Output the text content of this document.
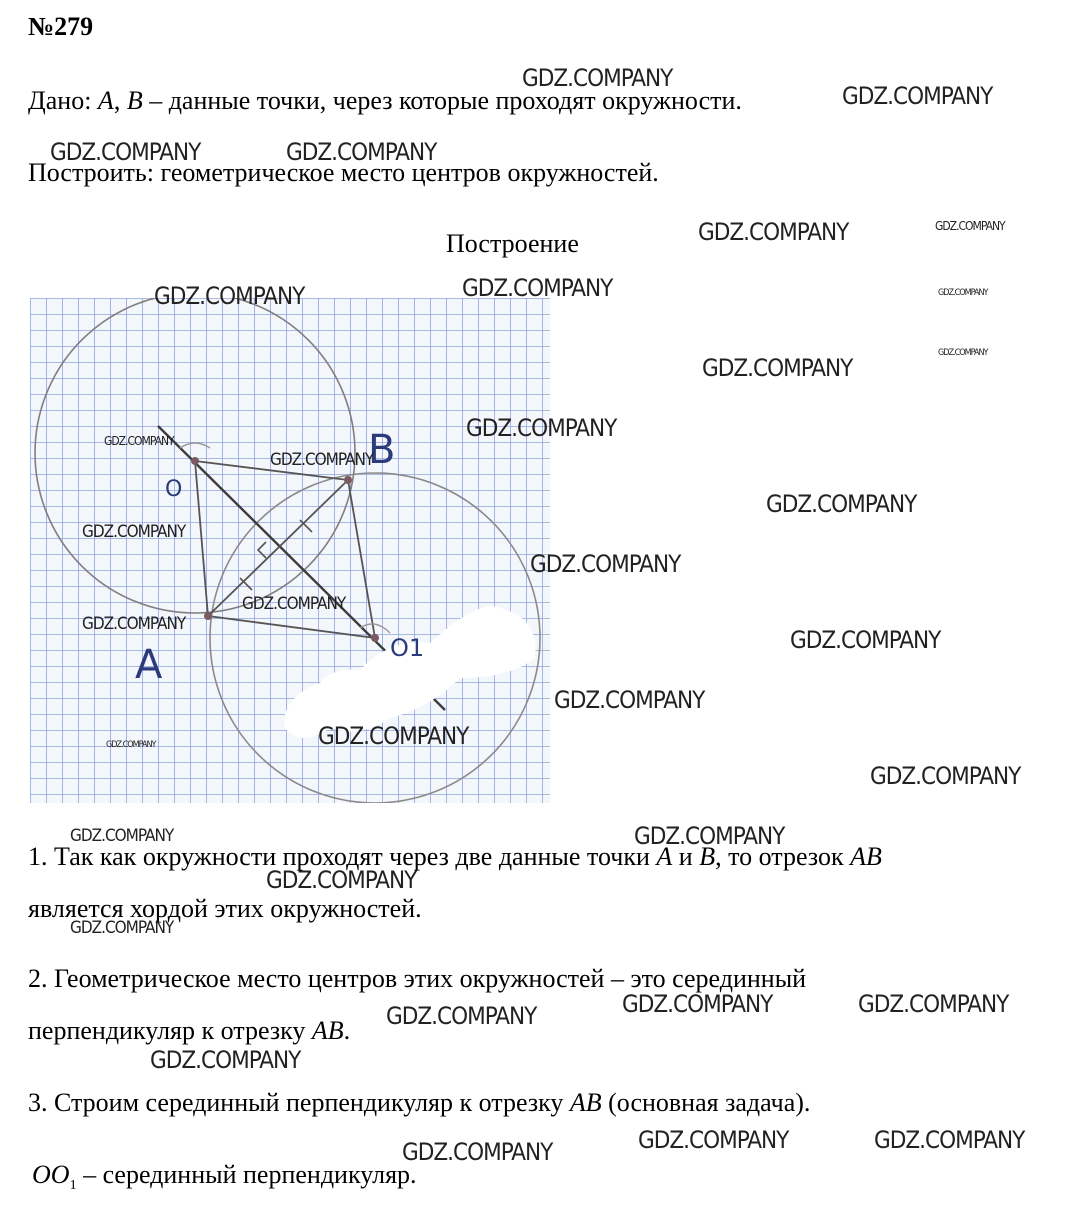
№279
Дано: A, B – данные точки, через которые проходят окружности.
Построить: геометрическое место центров окружностей.
Построение
B
O
A	O1
1. Так как окружности проходят через две данные точки A и B, то отрезок AB
является хордой этих окружностей.
2. Геометрическое место центров этих окружностей – это серединный
перпендикуляр к отрезку AB.
3. Строим серединный перпендикуляр к отрезку AB (основная задача).
$OO_1$ – серединный перпендикуляр.
GDZ.COMPANY
GDZ.COMPANY
GDZ.COMPANY	GDZ.COMPANY
GDZ.COMPANY	GDZ.COMPANY
GDZ.COMPANY	GDZ.COMPANY	GDZ.COMPANY
GDZ.COMPANY
GDZ.COMPANY
GDZ.COMPANY
GDZ.COMPANY
GDZ.COMPANY
GDZ.COMPANY
GDZ.COMPANY
GDZ.COMPANY
GDZ.COMPANY
GDZ.COMPANY
GDZ.COMPANY
GDZ.COMPANY
GDZ.COMPANY
GDZ.COMPANY
GDZ.COMPANY
GDZ.COMPANY	GDZ.COMPANY
GDZ.COMPANY
GDZ.COMPANY
GDZ.COMPANY	GDZ.COMPANY
GDZ.COMPANY
GDZ.COMPANY
GDZ.COMPANY	GDZ.COMPANY
GDZ.COMPANY
